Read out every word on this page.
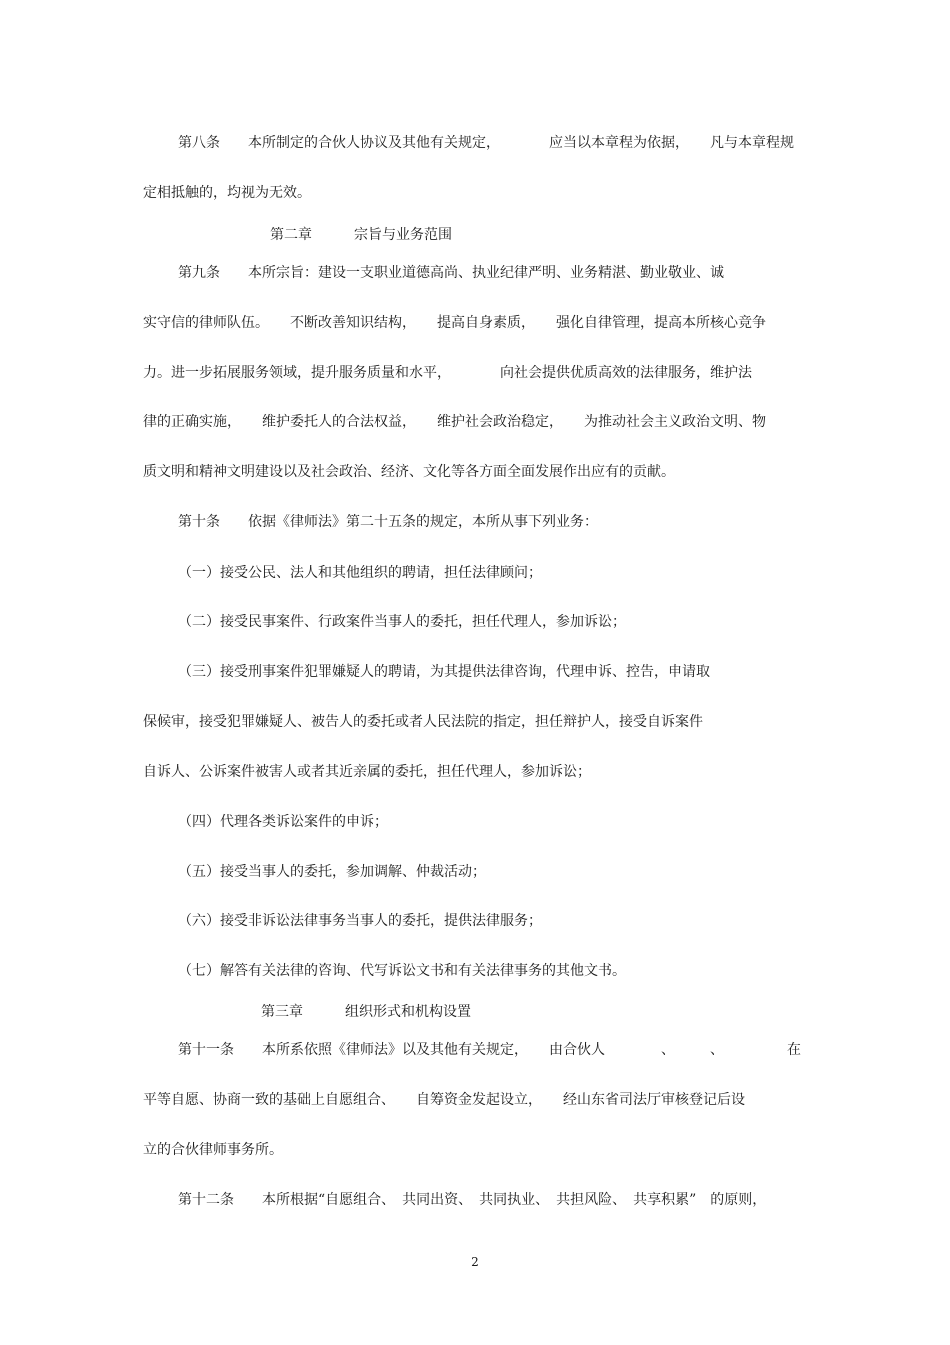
第八条　　本所制定的合伙人协议及其他有关规定，　　　　应当以本章程为依据，　　凡与本章程规
定相抵触的，均视为无效。
第二章　　　宗旨与业务范围
第九条　　本所宗旨：建设一支职业道德高尚、执业纪律严明、业务精湛、勤业敬业、诚
实守信的律师队伍。　　不断改善知识结构，　　提高自身素质，　　强化自律管理，提高本所核心竞争
力。进一步拓展服务领域，提升服务质量和水平，　　　　向社会提供优质高效的法律服务，维护法
律的正确实施，　　维护委托人的合法权益，　　维护社会政治稳定，　　为推动社会主义政治文明、物
质文明和精神文明建设以及社会政治、经济、文化等各方面全面发展作出应有的贡献。
第十条　　依据《律师法》第二十五条的规定，本所从事下列业务：
（一）接受公民、法人和其他组织的聘请，担任法律顾问；
（二）接受民事案件、行政案件当事人的委托，担任代理人，参加诉讼；
（三）接受刑事案件犯罪嫌疑人的聘请，为其提供法律咨询，代理申诉、控告，申请取
保候审，接受犯罪嫌疑人、被告人的委托或者人民法院的指定，担任辩护人，接受自诉案件
自诉人、公诉案件被害人或者其近亲属的委托，担任代理人，参加诉讼；
（四）代理各类诉讼案件的申诉；
（五）接受当事人的委托，参加调解、仲裁活动；
（六）接受非诉讼法律事务当事人的委托，提供法律服务；
（七）解答有关法律的咨询、代写诉讼文书和有关法律事务的其他文书。
第三章　　　组织形式和机构设置
第十一条　　本所系依照《律师法》以及其他有关规定，　　由合伙人　　　　、　　　、　　　　　在
平等自愿、协商一致的基础上自愿组合、　　自筹资金发起设立，　　经山东省司法厅审核登记后设
立的合伙律师事务所。
第十二条　　本所根据“自愿组合、　共同出资、　共同执业、　共担风险、　共享积累”　的原则，
2
